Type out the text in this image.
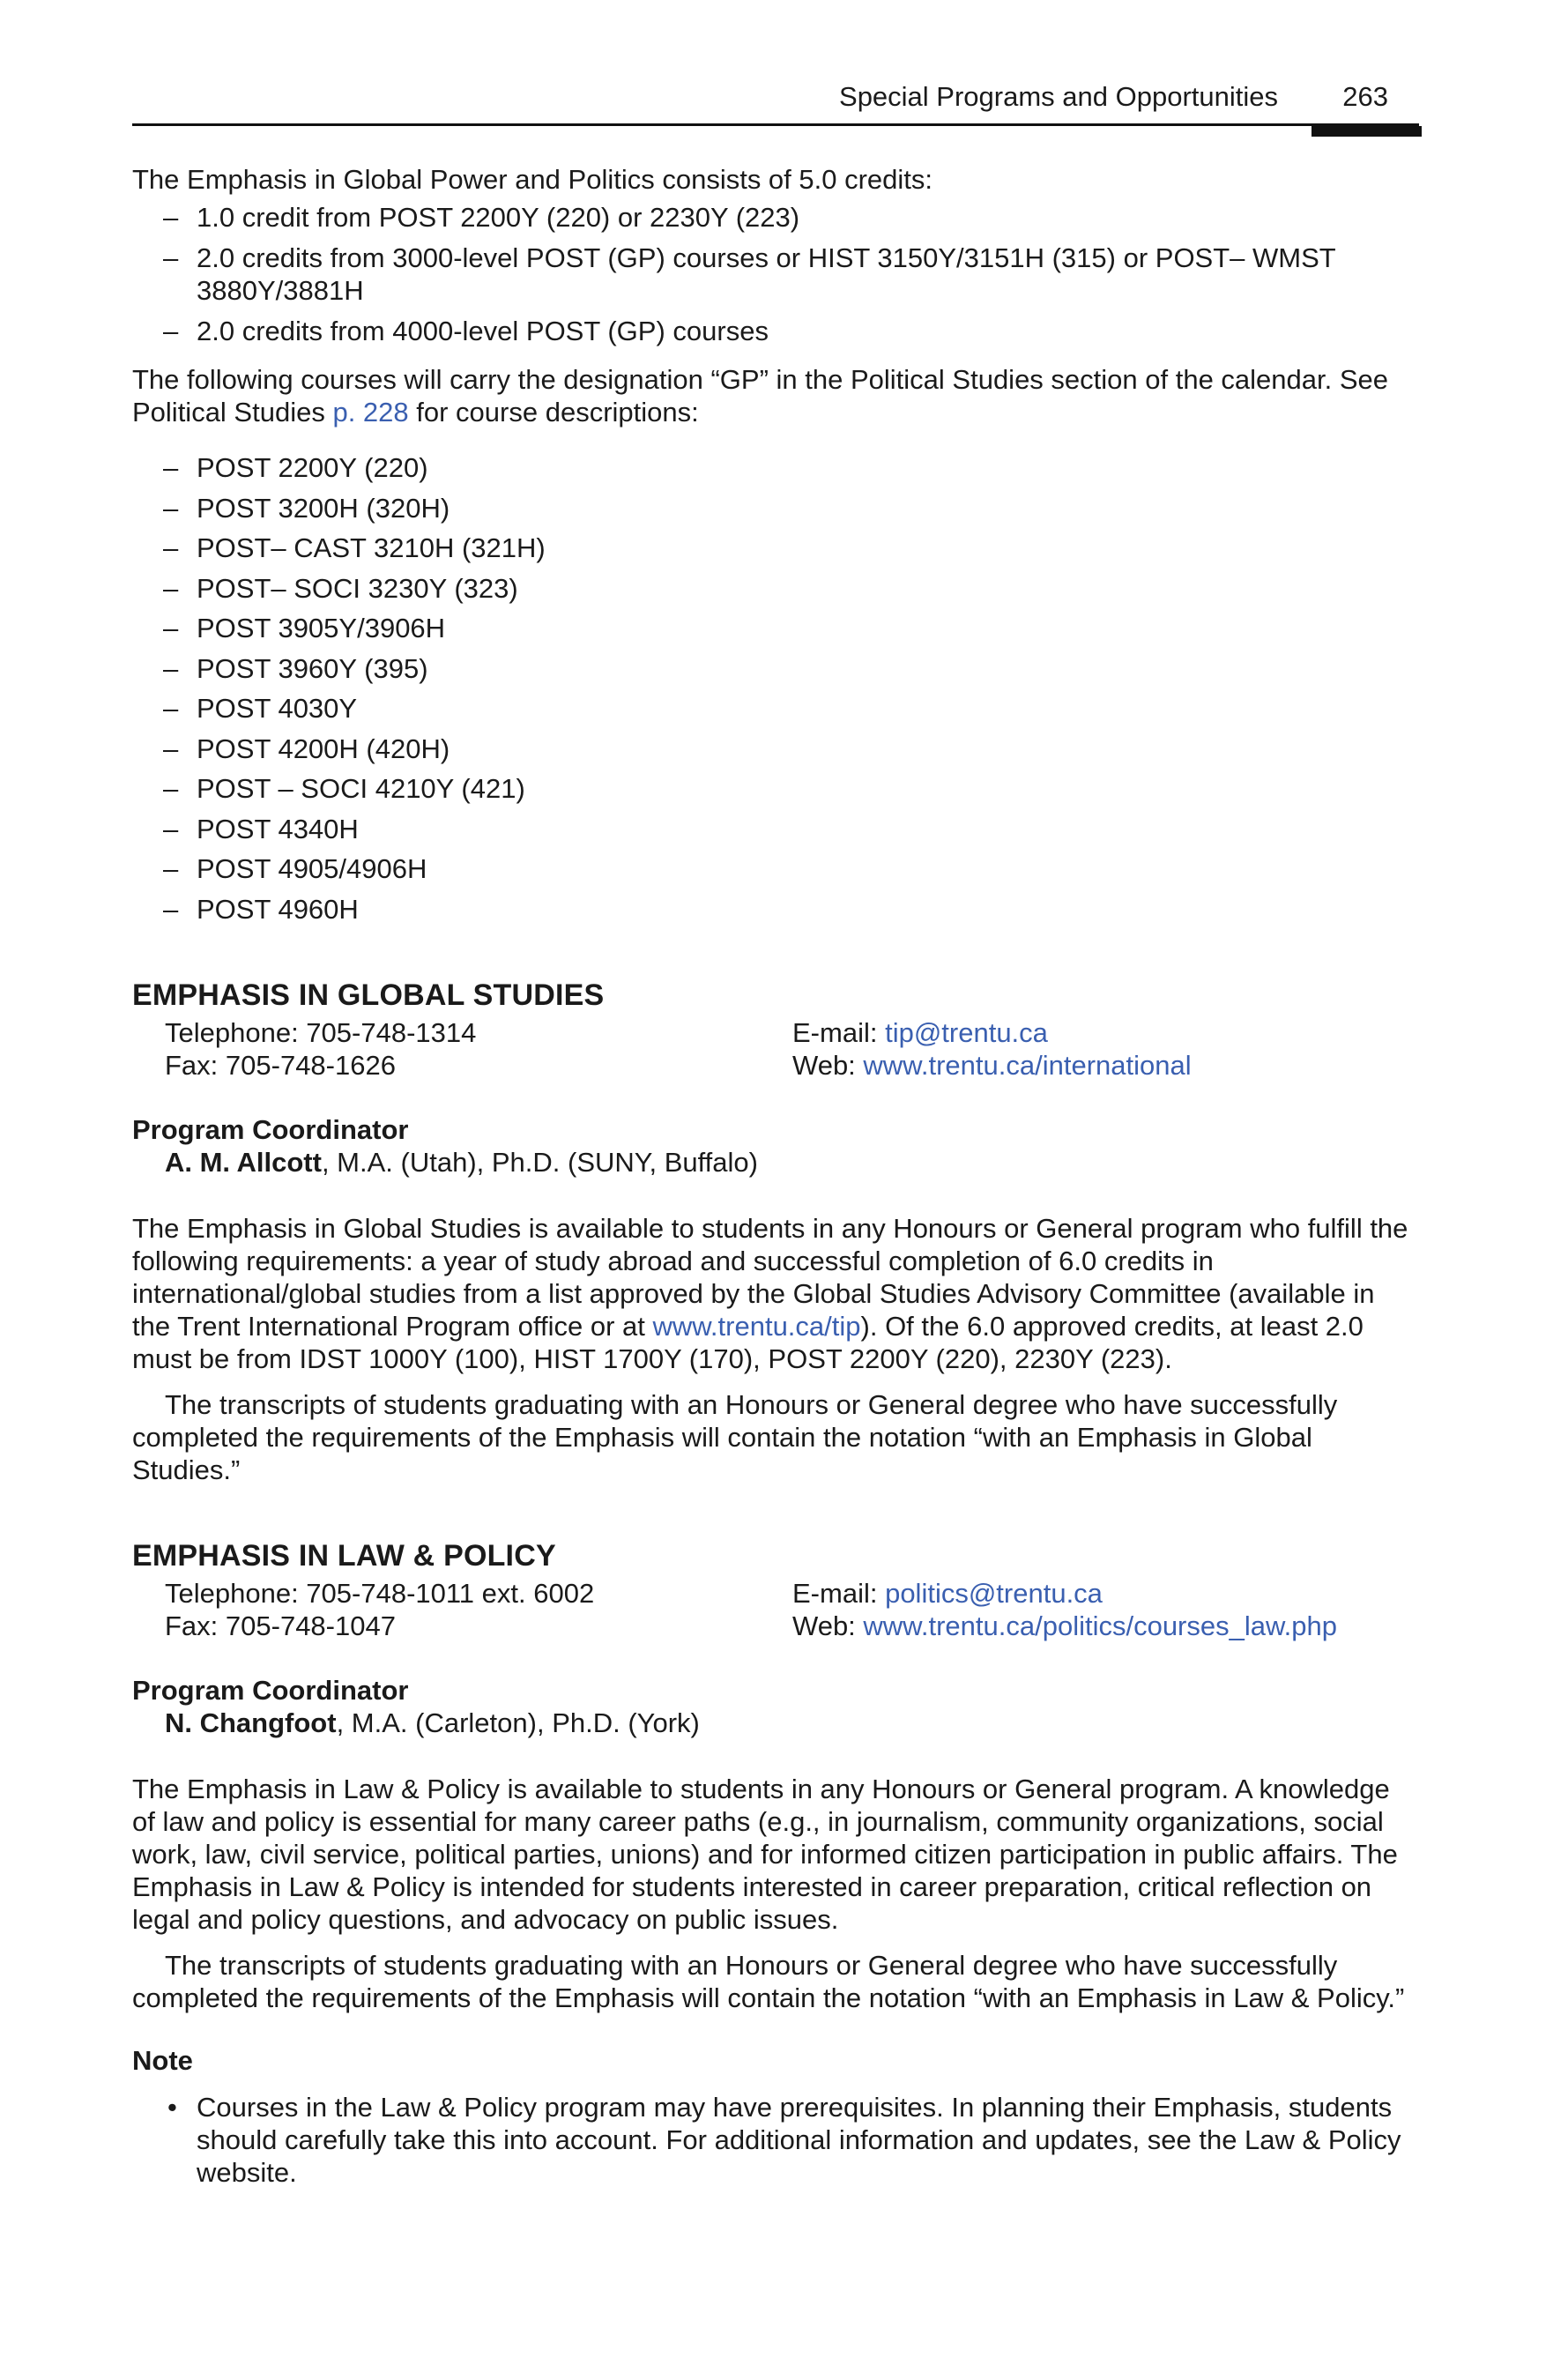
Special Programs and Opportunities 263

The Emphasis in Global Power and Politics consists of 5.0 credits:

– 1.0 credit from POST 2200Y (220) or 2230Y (223)
– 2.0 credits from 3000-level POST (GP) courses or HIST 3150Y/3151H (315) or POST– WMST 3880Y/3881H
– 2.0 credits from 4000-level POST (GP) courses

The following courses will carry the designation “GP” in the Political Studies section of the calendar. See Political Studies p. 228 for course descriptions:

– POST 2200Y (220)
– POST 3200H (320H)
– POST– CAST 3210H (321H)
– POST– SOCI 3230Y (323)
– POST 3905Y/3906H
– POST 3960Y (395)
– POST 4030Y
– POST 4200H (420H)
– POST – SOCI 4210Y (421)
– POST 4340H
– POST 4905/4906H
– POST 4960H
EMPHASIS IN GLOBAL STUDIES
Telephone: 705-748-1314	E-mail: tip@trentu.ca
Fax: 705-748-1626	Web: www.trentu.ca/international
Program Coordinator
A. M. Allcott, M.A. (Utah), Ph.D. (SUNY, Buffalo)

The Emphasis in Global Studies is available to students in any Honours or General program who fulfill the following requirements: a year of study abroad and successful completion of 6.0 credits in international/global studies from a list approved by the Global Studies Advisory Committee (available in the Trent International Program office or at www.trentu.ca/tip). Of the 6.0 approved credits, at least 2.0 must be from IDST 1000Y (100), HIST 1700Y (170), POST 2200Y (220), 2230Y (223).

The transcripts of students graduating with an Honours or General degree who have successfully completed the requirements of the Emphasis will contain the notation “with an Emphasis in Global Studies.”

EMPHASIS IN LAW & POLICY
Telephone: 705-748-1011 ext. 6002	E-mail: politics@trentu.ca
Fax: 705-748-1047	Web: www.trentu.ca/politics/courses_law.php
Program Coordinator
N. Changfoot, M.A. (Carleton), Ph.D. (York)

The Emphasis in Law & Policy is available to students in any Honours or General program. A knowledge of law and policy is essential for many career paths (e.g., in journalism, community organizations, social work, law, civil service, political parties, unions) and for informed citizen participation in public affairs. The Emphasis in Law & Policy is intended for students interested in career preparation, critical reflection on legal and policy questions, and advocacy on public issues.

The transcripts of students graduating with an Honours or General degree who have successfully completed the requirements of the Emphasis will contain the notation “with an Emphasis in Law & Policy.”

Note
• Courses in the Law & Policy program may have prerequisites. In planning their Emphasis, students should carefully take this into account. For additional information and updates, see the Law & Policy website.
